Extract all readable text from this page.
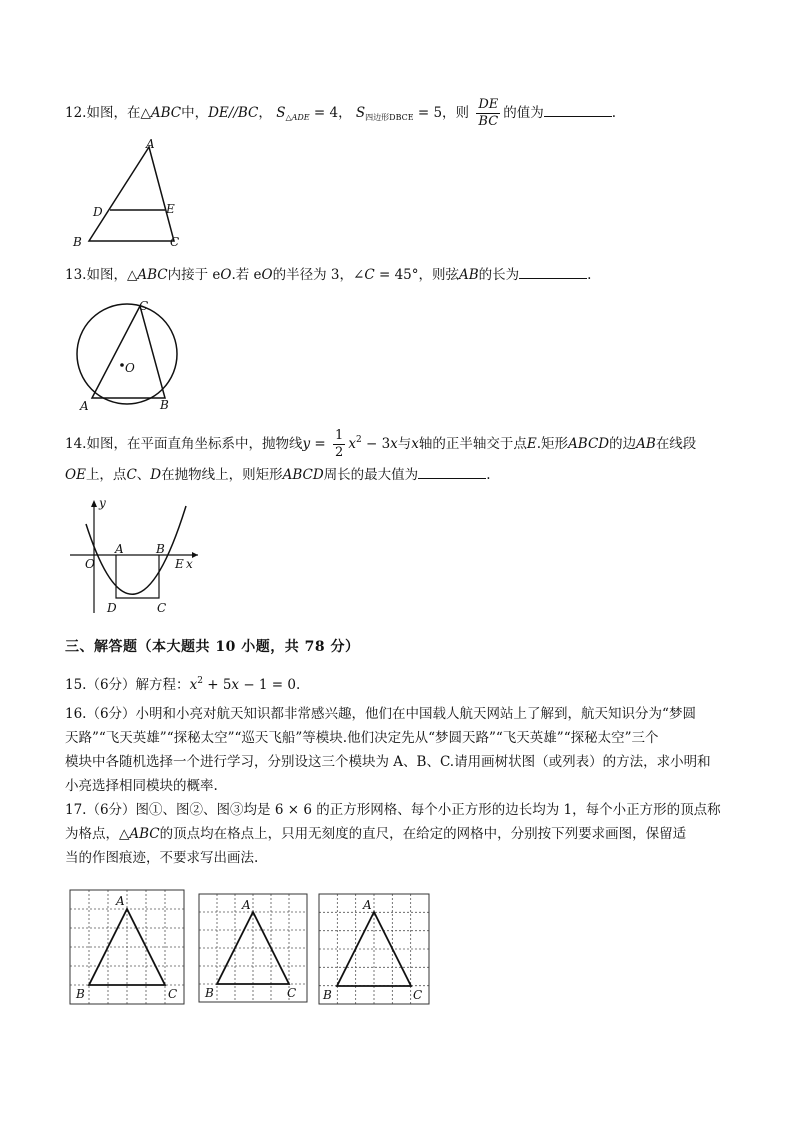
12.如图，在△ABC中，DE//BC， $S_{\triangle ADE} = 4$， $S_{四边形DBCE} = 5$，则 $\frac{DE}{BC}$ 的值为	.
A
B	C
D	E
13.如图，△ABC内接于 eO.若 eO的半径为 3，∠C = 45°，则弦AB的长为	.
C
A	B
O
14.如图，在平面直角坐标系中，抛物线$y = \frac{1}{2} x^2 - 3x$与x轴的正半轴交于点E.矩形ABCD的边AB在线段
OE上，点C、D在抛物线上，则矩形ABCD周长的最大值为	.
y
O
A	B
E x
D	C
三、解答题（本大题共 10 小题，共 78 分）
15.（6分）解方程：$x^2 + 5x - 1 = 0$.
16.（6分）小明和小亮对航天知识都非常感兴趣，他们在中国载人航天网站上了解到，航天知识分为“梦圆
天路”“飞天英雄”“探秘太空”“巡天飞船”等模块.他们决定先从“梦圆天路”“飞天英雄”“探秘太空”三个
模块中各随机选择一个进行学习，分别设这三个模块为 A、B、C.请用画树状图（或列表）的方法，求小明和
小亮选择相同模块的概率.
17.（6分）图①、图②、图③均是 6 × 6 的正方形网格、每个小正方形的边长均为 1，每个小正方形的顶点称
为格点，△ABC的顶点均在格点上，只用无刻度的直尺，在给定的网格中，分别按下列要求画图，保留适
当的作图痕迹，不要求写出画法.
A
B	C
A
B	C
A
B	C
